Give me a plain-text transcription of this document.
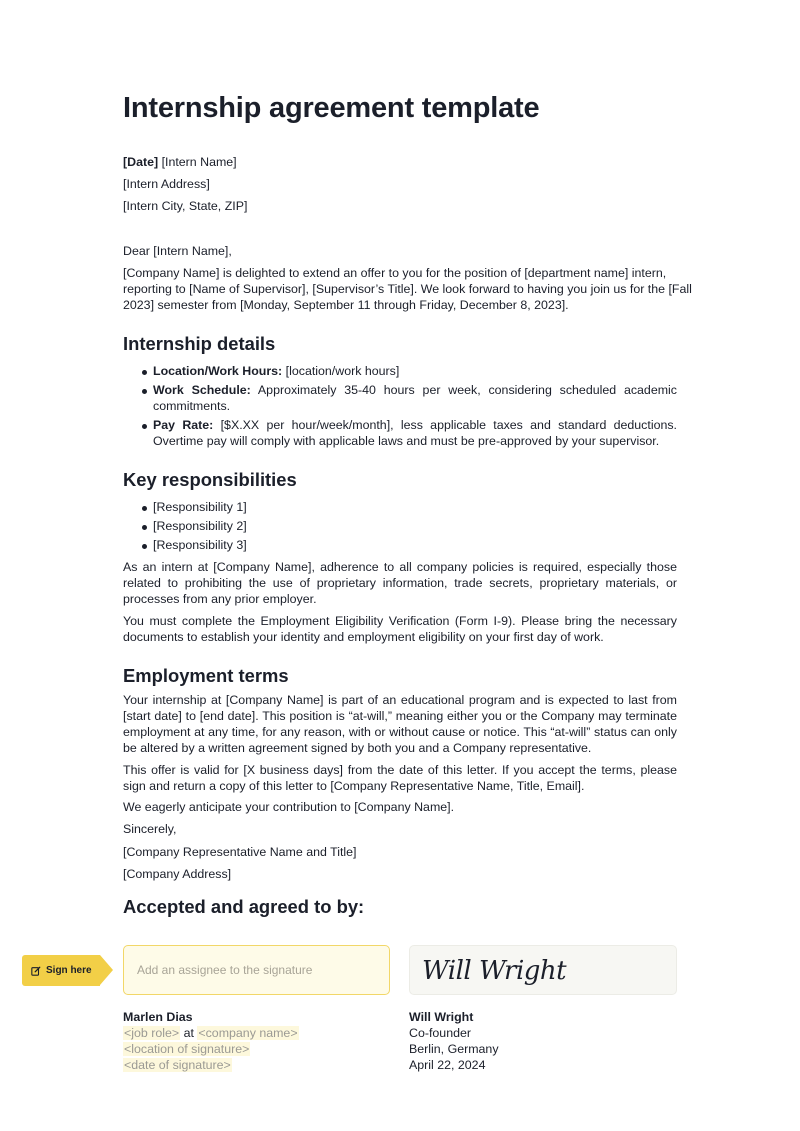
Internship agreement template
[Date] [Intern Name]
[Intern Address]
[Intern City, State, ZIP]
Dear [Intern Name],
[Company Name] is delighted to extend an offer to you for the position of [department name] intern,
reporting to [Name of Supervisor], [Supervisor’s Title]. We look forward to having you join us for the [Fall
2023] semester from [Monday, September 11 through Friday, December 8, 2023].
Internship details
Location/Work Hours: [location/work hours]
Work Schedule: Approximately 35-40 hours per week, considering scheduled academic commitments.
Pay Rate: [$X.XX per hour/week/month], less applicable taxes and standard deductions. Overtime pay will comply with applicable laws and must be pre-approved by your supervisor.
Key responsibilities
[Responsibility 1]
[Responsibility 2]
[Responsibility 3]

As an intern at [Company Name], adherence to all company policies is required, especially those related to prohibiting the use of proprietary information, trade secrets, proprietary materials, or processes from any prior employer.

You must complete the Employment Eligibility Verification (Form I-9). Please bring the necessary documents to establish your identity and employment eligibility on your first day of work.

Employment terms

Your internship at [Company Name] is part of an educational program and is expected to last from [start date] to [end date]. This position is “at-will,” meaning either you or the Company may terminate employment at any time, for any reason, with or without cause or notice. This “at-will” status can only be altered by a written agreement signed by both you and a Company representative.

This offer is valid for [X business days] from the date of this letter. If you accept the terms, please sign and return a copy of this letter to [Company Representative Name, Title, Email].

We eagerly anticipate your contribution to [Company Name].

Sincerely,

[Company Representative Name and Title]

[Company Address]

Accepted and agreed to by:
Sign here	Add an assignee to the signature	Will Wright
Marlen Dias
<job role> at <company name>
<location of signature>
<date of signature>
Will Wright
Co-founder
Berlin, Germany
April 22, 2024
